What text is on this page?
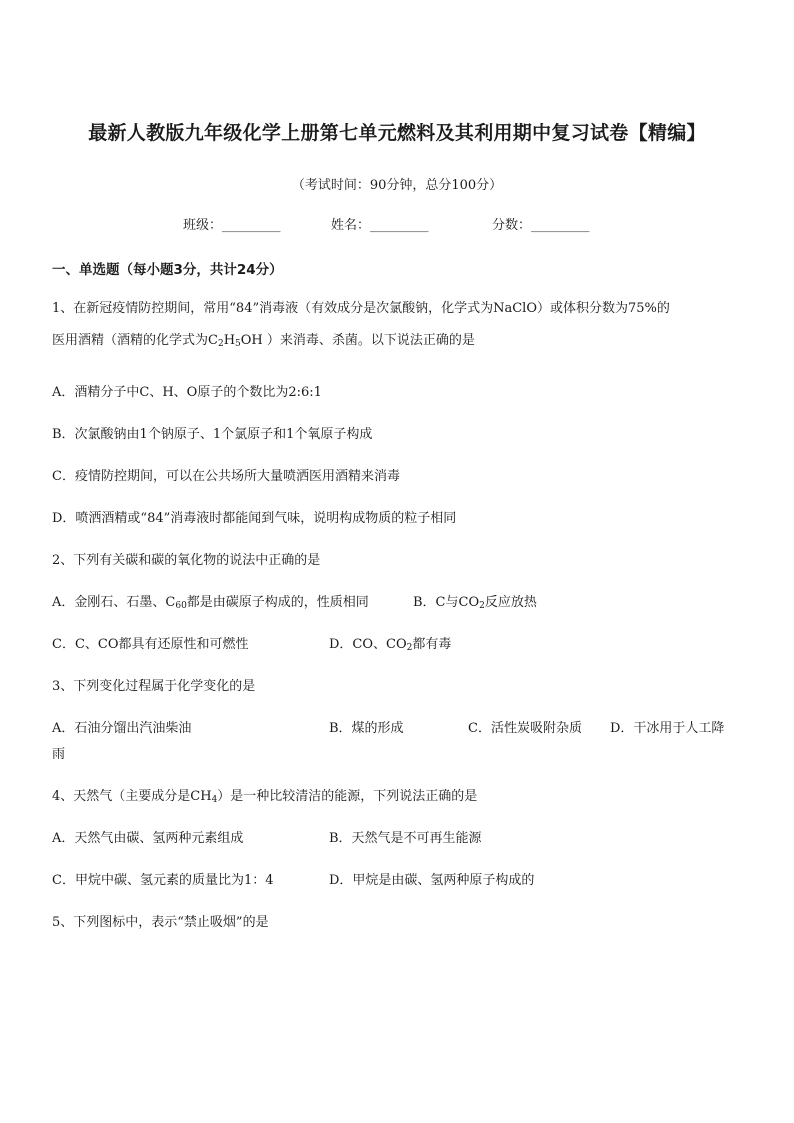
最新人教版九年级化学上册第七单元燃料及其利用期中复习试卷【精编】
（考试时间：90分钟，总分100分）
班级：_________	姓名：_________	分数：_________
一、单选题（每小题3分，共计24分）
1、在新冠疫情防控期间，常用“84”消毒液（有效成分是次氯酸钠，化学式为NaClO）或体积分数为75%的
医用酒精（酒精的化学式为$C_2H_5OH$ ）来消毒、杀菌。以下说法正确的是
A．酒精分子中C、H、O原子的个数比为2:6:1
B．次氯酸钠由1个钠原子、1个氯原子和1个氧原子构成
C．疫情防控期间，可以在公共场所大量喷洒医用酒精来消毒
D．喷洒酒精或“84”消毒液时都能闻到气味，说明构成物质的粒子相同
2、下列有关碳和碳的氧化物的说法中正确的是
A．金刚石、石墨、$C_{60}$都是由碳原子构成的，性质相同	B．C与$CO_2$反应放热
C．C、CO都具有还原性和可燃性	D．CO、$CO_2$都有毒
3、下列变化过程属于化学变化的是
A．石油分馏出汽油柴油	B．煤的形成	C．活性炭吸附杂质 D．干冰用于人工降
雨
4、天然气（主要成分是$CH_4$）是一种比较清洁的能源，下列说法正确的是
A．天然气由碳、氢两种元素组成	B．天然气是不可再生能源
C．甲烷中碳、氢元素的质量比为1：4	D．甲烷是由碳、氢两种原子构成的
5、下列图标中，表示“禁止吸烟”的是
